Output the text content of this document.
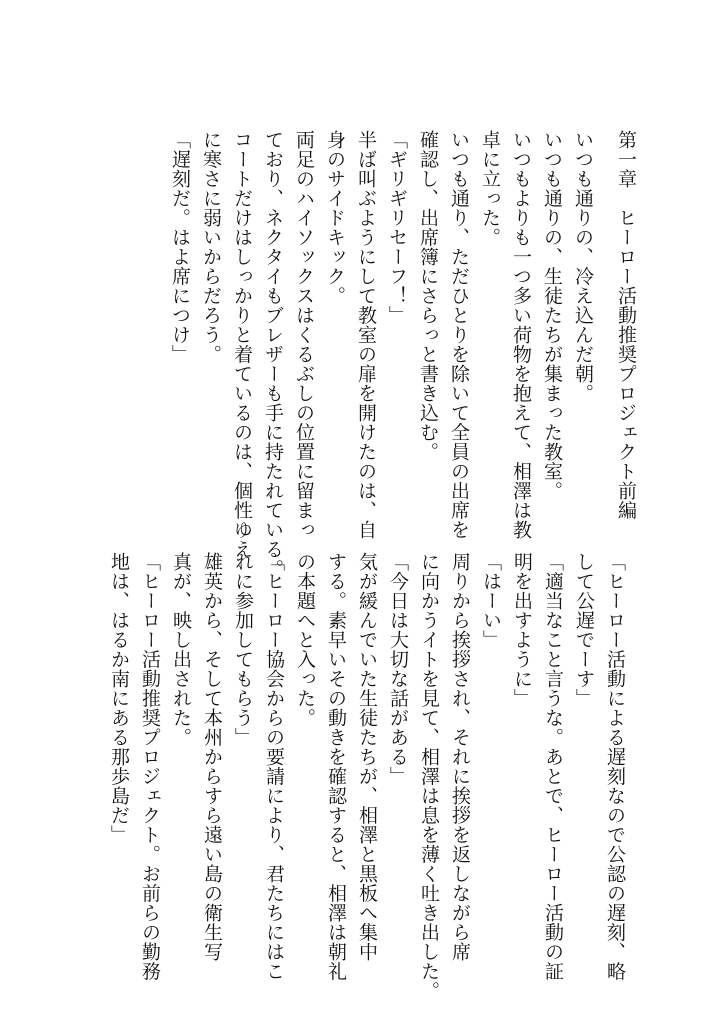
第一章　ヒーロー活動推奨プロジェクト前編
いつも通りの、冷え込んだ朝。
いつも通りの、生徒たちが集まった教室。
いつもよりも一つ多い荷物を抱えて、相澤は教
卓に立った。
いつも通り、ただひとりを除いて全員の出席を
確認し、出席簿にさらっと書き込む。
「ギリギリセーフ！」
半ば叫ぶようにして教室の扉を開けたのは、自
身のサイドキック。
両足のハイソックスはくるぶしの位置に留まっ
ており、ネクタイもブレザーも手に持たれている。
コートだけはしっかりと着ているのは、個性ゆえ
に寒さに弱いからだろう。
「遅刻だ。はよ席につけ」
「ヒーロー活動による遅刻なので公認の遅刻、略
して公遅でーす」
「適当なこと言うな。あとで、ヒーロー活動の証
明を出すように」
「はーい」
周りから挨拶され、それに挨拶を返しながら席
に向かうイトを見て、相澤は息を薄く吐き出した。
「今日は大切な話がある」
気が緩んでいた生徒たちが、相澤と黒板へ集中
する。素早いその動きを確認すると、相澤は朝礼
の本題へと入った。
「ヒーロー協会からの要請により、君たちにはこ
れに参加してもらう」
雄英から、そして本州からすら遠い島の衛生写
真が、映し出された。
「ヒーロー活動推奨プロジェクト。お前らの勤務
地は、はるか南にある那歩島だ」
